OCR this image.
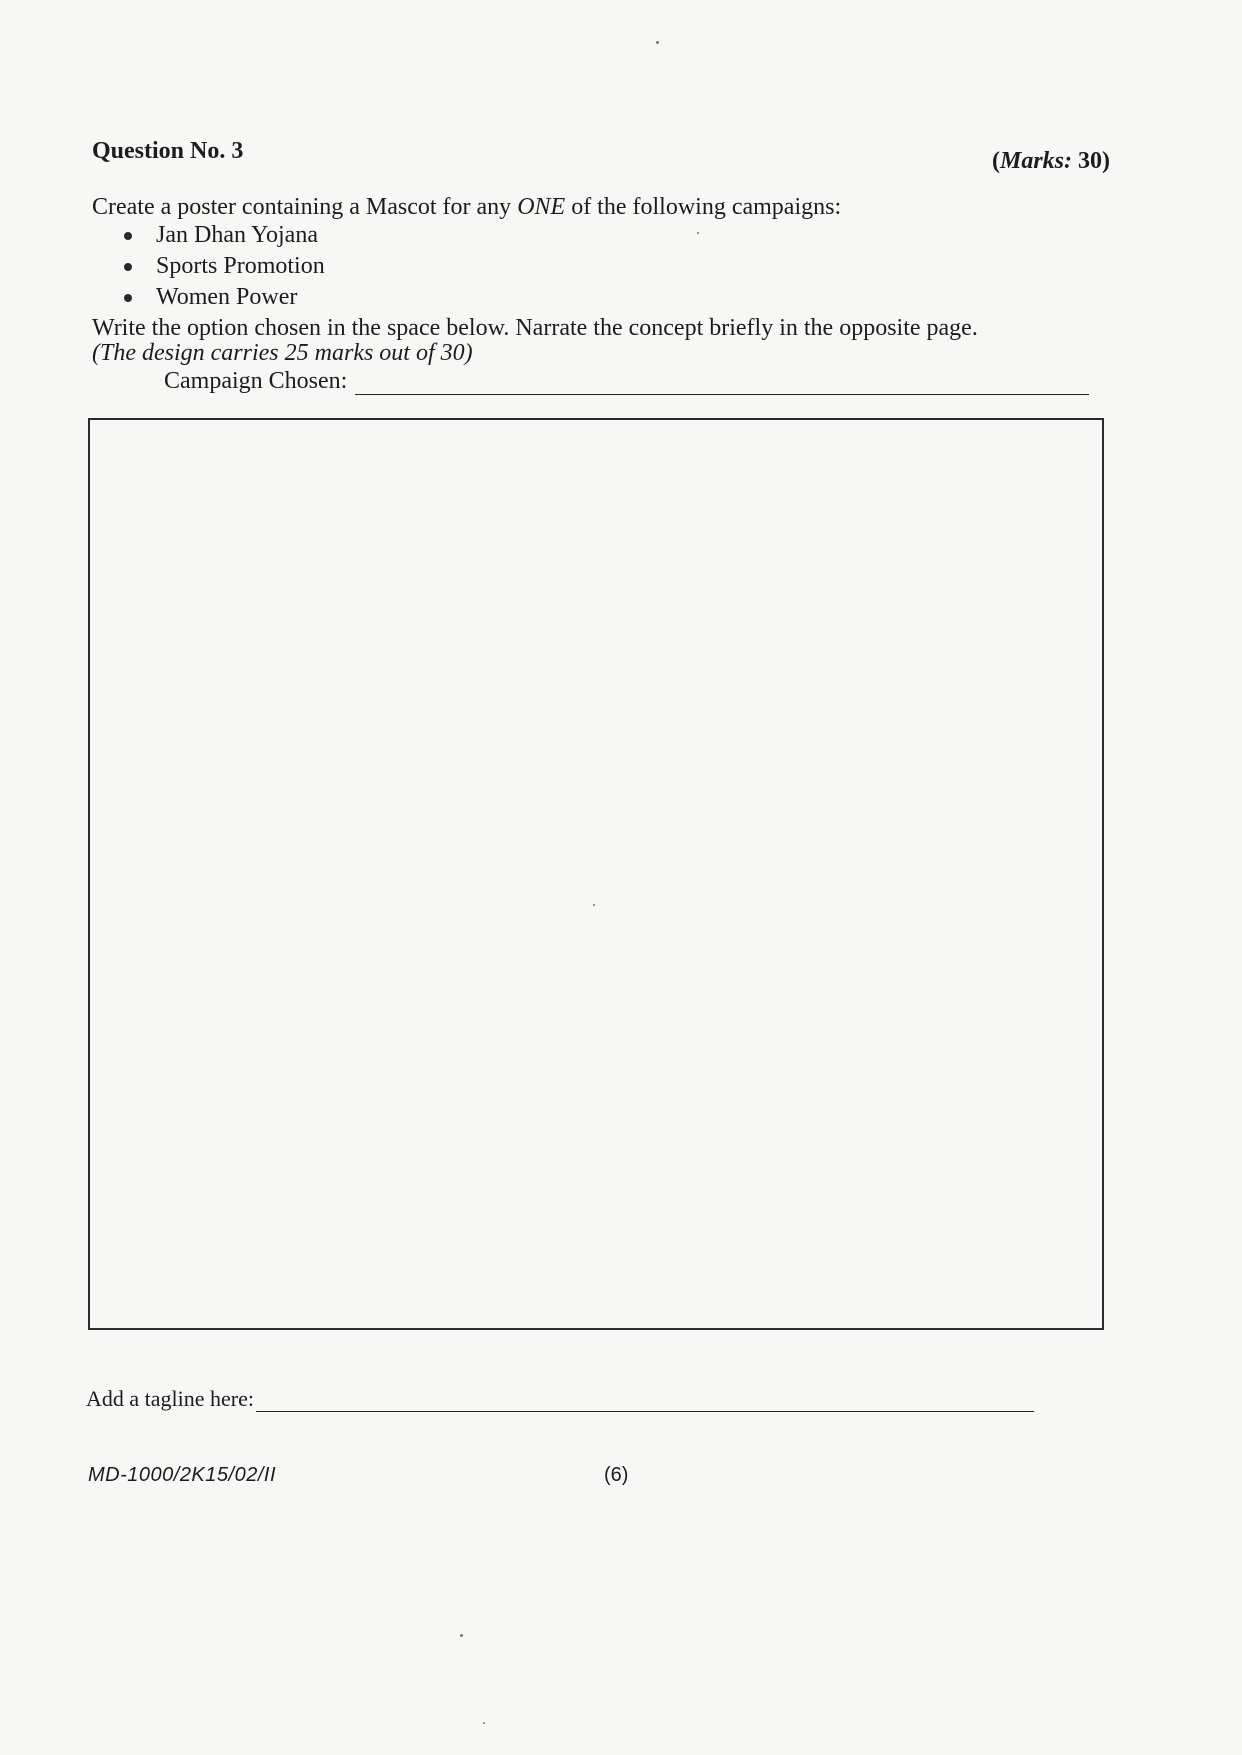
Question No. 3	(Marks: 30)
Create a poster containing a Mascot for any ONE of the following campaigns:
Jan Dhan Yojana
Sports Promotion
Women Power
Write the option chosen in the space below. Narrate the concept briefly in the opposite page.
(The design carries 25 marks out of 30)
Campaign Chosen:
Add a tagline here:
MD-1000/2K15/02/II	(6)
